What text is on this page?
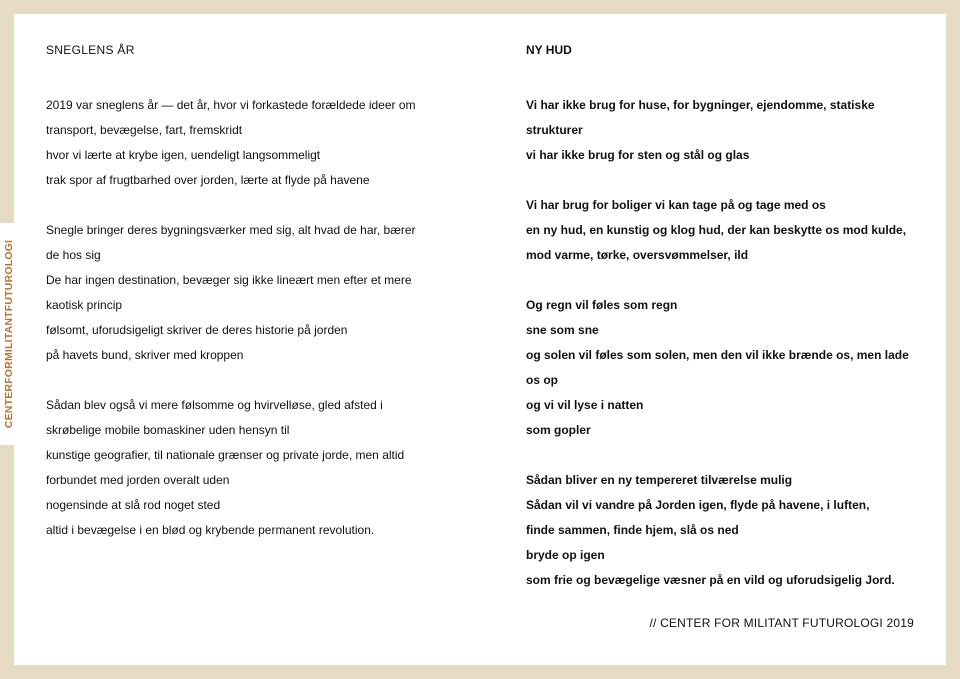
SNEGLENS ÅR
2019 var sneglens år — det år, hvor vi forkastede forældede ideer om
transport, bevægelse, fart, fremskridt
hvor vi lærte at krybe igen, uendeligt langsommeligt
trak spor af frugtbarhed over jorden, lærte at flyde på havene
Snegle bringer deres bygningsværker med sig, alt hvad de har, bærer
de hos sig
De har ingen destination, bevæger sig ikke lineært men efter et mere
kaotisk princip
følsomt, uforudsigeligt skriver de deres historie på jorden
på havets bund, skriver med kroppen
Sådan blev også vi mere følsomme og hvirvelløse, gled afsted i
skrøbelige mobile bomaskiner uden hensyn til
kunstige geografier, til nationale grænser og private jorde, men altid
forbundet med jorden overalt uden
nogensinde at slå rod noget sted
altid i bevægelse i en blød og krybende permanent revolution.
NY HUD
Vi har ikke brug for huse, for bygninger, ejendomme, statiske
strukturer
vi har ikke brug for sten og stål og glas
Vi har brug for boliger vi kan tage på og tage med os
en ny hud, en kunstig og klog hud, der kan beskytte os mod kulde,
mod varme, tørke, oversvømmelser, ild
Og regn vil føles som regn
sne som sne
og solen vil føles som solen, men den vil ikke brænde os, men lade
os op
og vi vil lyse i natten
som gopler
Sådan bliver en ny tempereret tilværelse mulig
Sådan vil vi vandre på Jorden igen, flyde på havene, i luften,
finde sammen, finde hjem, slå os ned
bryde op igen
som frie og bevægelige væsner på en vild og uforudsigelig Jord.
// CENTER FOR MILITANT FUTUROLOGI 2019
CENTERFORMILITANTFUTUROLOGI
